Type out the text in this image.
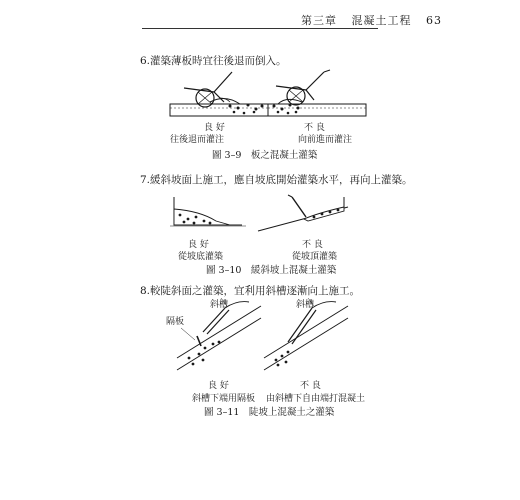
第三章 混凝土工程 63
6.灌築薄板時宜往後退而倒入。
良 好
往後退而灌注
不 良
向前進而灌注
圖 3–9　板之混凝土灌築
7.緩斜坡面上施工，應自坡底開始灌築水平，再向上灌築。
良 好
從坡底灌築
不 良
從坡頂灌築
圖 3–10　緩斜坡上混凝土灌築
8.較陡斜面之灌築，宜利用斜槽逐漸向上施工。
斜槽
隔板
良 好
斜槽下端用隔板
斜槽
不 良
由斜槽下自由端打混凝土
圖 3–11　陡坡上混凝土之灌築
